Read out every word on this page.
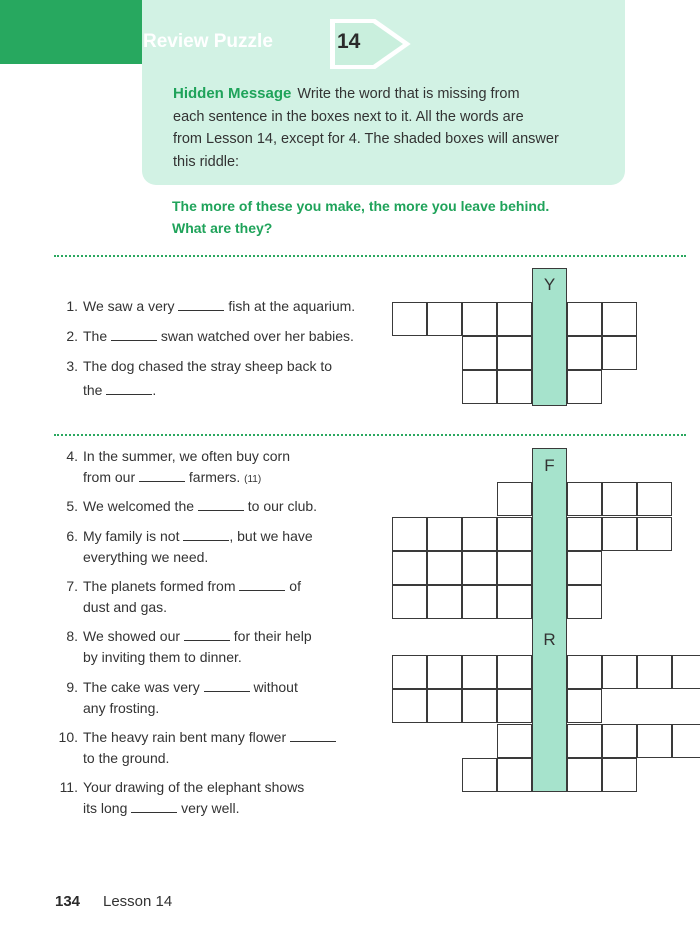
Review Puzzle	14
Hidden Message Write the word that is missing from
each sentence in the boxes next to it. All the words are
from Lesson 14, except for 4. The shaded boxes will answer
this riddle:
The more of these you make, the more you leave behind.
What are they?
1. We saw a very	fish at the aquarium.
2. The	swan watched over her babies.
3. The dog chased the stray sheep back to
the	.
4. In the summer, we often buy corn
from our	farmers. (11)
5. We welcomed the	to our club.
6. My family is not	, but we have
everything we need.
7. The planets formed from	of
dust and gas.
8. We showed our	for their help
by inviting them to dinner.
9. The cake was very	without
any frosting.
10. The heavy rain bent many flower
to the ground.
11. Your drawing of the elephant shows
its long	very well.
Y
F
R
134 Lesson 14
